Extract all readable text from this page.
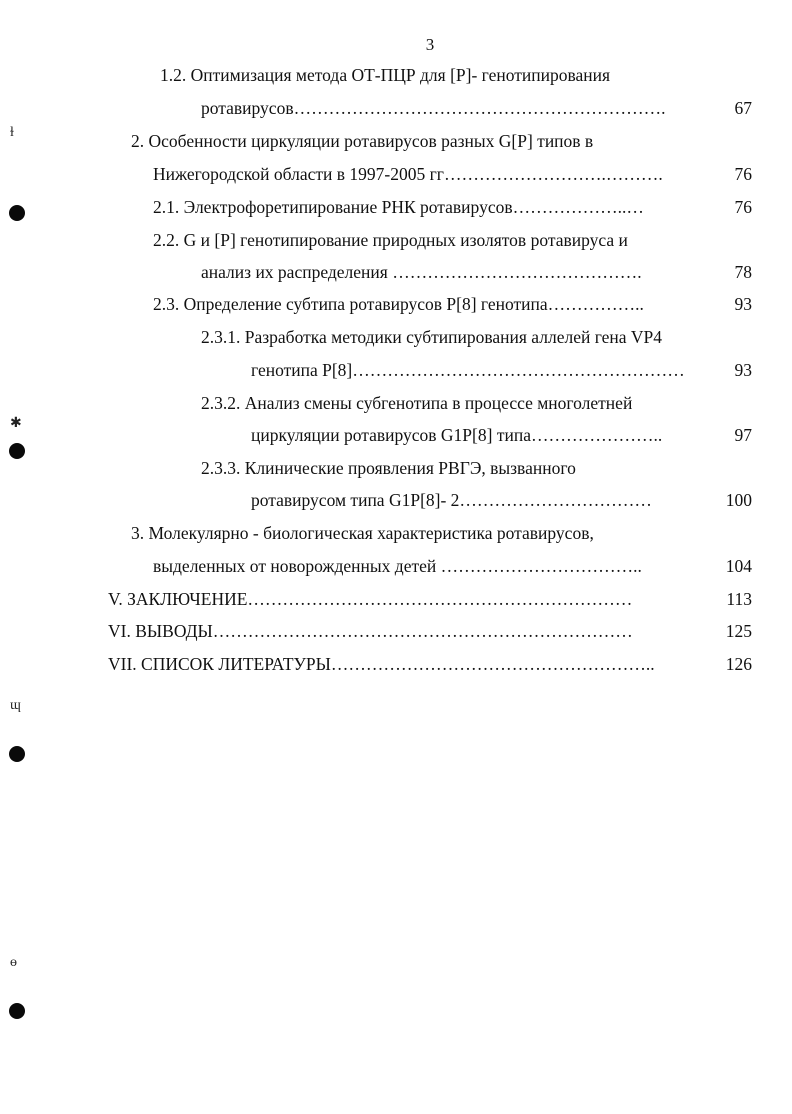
3
ɫ
✱
ɰ
ɵ
1.2. Оптимизация метода ОТ-ПЦР для [P]- генотипирования
ротавирусов……………………………………………………….	67
2. Особенности циркуляции ротавирусов разных G[P] типов в
Нижегородской области в 1997-2005 гг……………………….……….	76
2.1. Электрофоретипирование РНК ротавирусов………………..…	76
2.2. G и [P] генотипирование природных изолятов ротавируса и
анализ их распределения …………………………………….	78
2.3. Определение субтипа ротавирусов P[8] генотипа……………..	93
2.3.1. Разработка методики субтипирования аллелей гена VP4
генотипа P[8]…………………………………………………	93
2.3.2. Анализ смены субгенотипа в процессе многолетней
циркуляции ротавирусов G1P[8] типа…………………..	97
2.3.3. Клинические проявления РВГЭ, вызванного
ротавирусом типа G1P[8]- 2……………………………	100
3. Молекулярно - биологическая характеристика ротавирусов,
выделенных от новорожденных детей ……………………………..	104
V. ЗАКЛЮЧЕНИЕ…………………………………………………………	113
VI. ВЫВОДЫ………………………………………………………………	125
VII. СПИСОК ЛИТЕРАТУРЫ………………………………………………..	126
